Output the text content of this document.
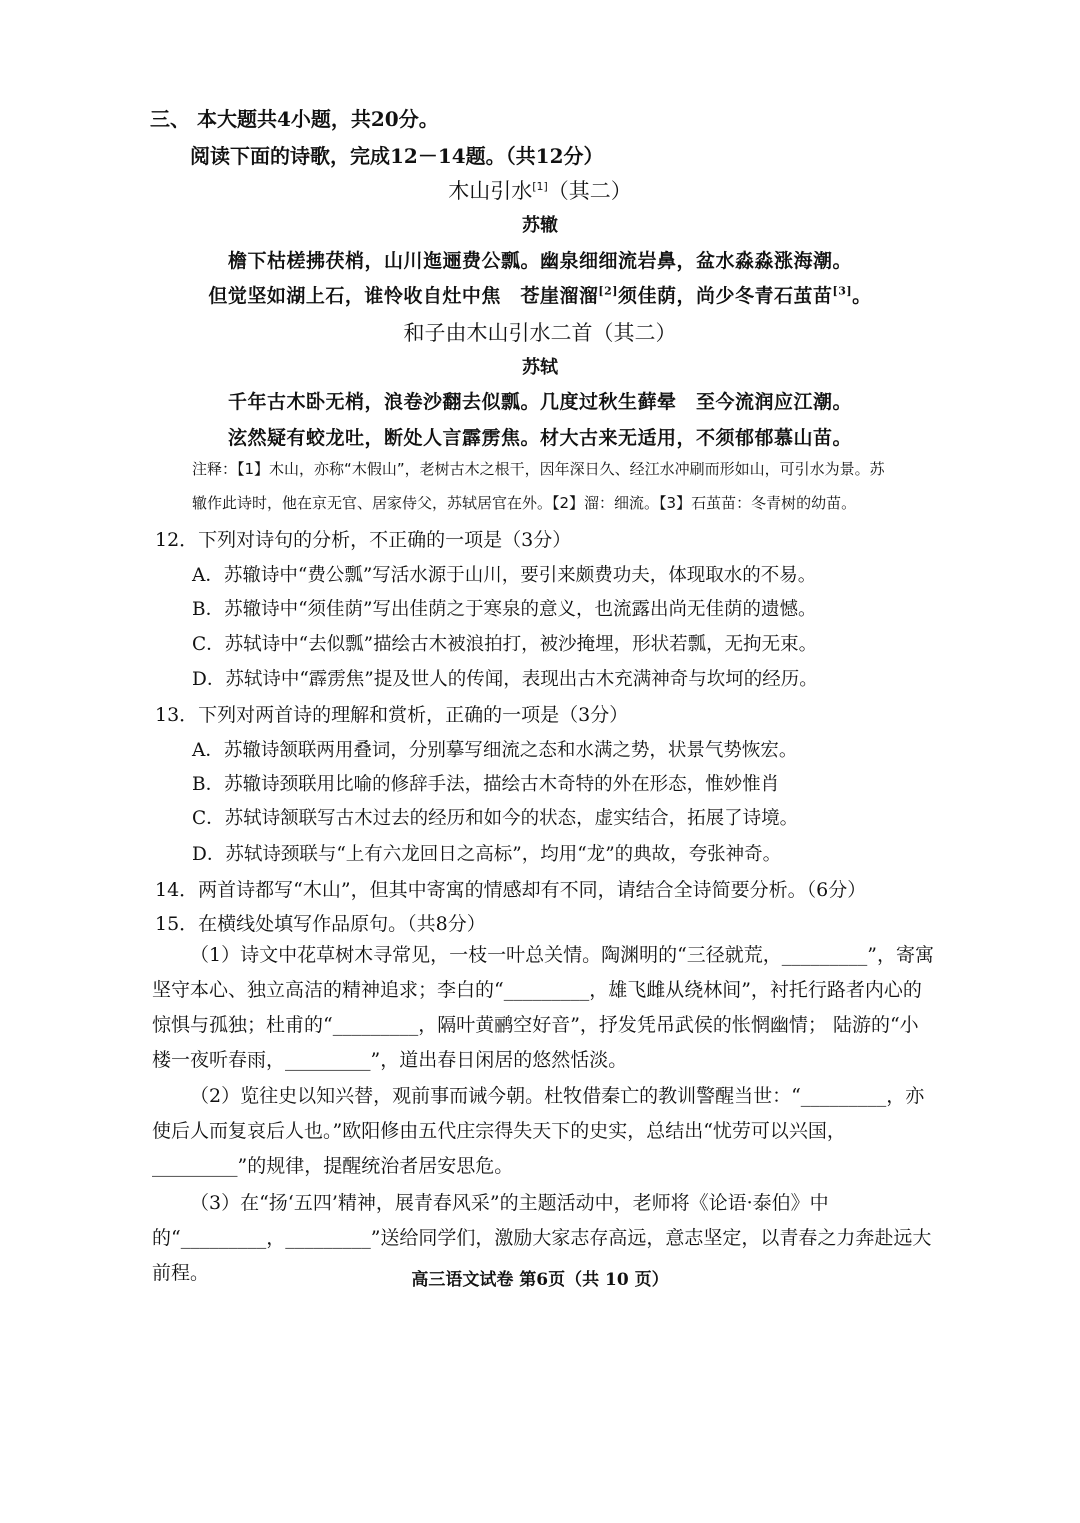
三、 本大题共4小题，共20分。
阅读下面的诗歌，完成12－14题。（共12分）
木山引水[1]（其二）
苏辙
檐下枯槎拂茯梢，山川迤逦费公瓢。幽泉细细流岩鼻，盆水淼淼涨海潮。
但觉坚如湖上石，谁怜收自灶中焦　苍崖溜溜[2]须佳荫，尚少冬青石茧苗[3]。
和子由木山引水二首（其二）
苏轼
千年古木卧无梢，浪卷沙翻去似瓢。几度过秋生藓晕　至今流润应江潮。
泫然疑有蛟龙吐，断处人言霹雳焦。材大古来无适用，不须郁郁慕山苗。
注释：【1】木山，亦称“木假山”，老树古木之根干，因年深日久、经江水冲刷而形如山，可引水为景。苏
辙作此诗时，他在京无官、居家侍父，苏轼居官在外。【2】溜：细流。【3】石茧苗：冬青树的幼苗。
12．下列对诗句的分析，不正确的一项是（3分）
A．苏辙诗中“费公瓢”写活水源于山川，要引来颇费功夫，体现取水的不易。
B．苏辙诗中“须佳荫”写出佳荫之于寒泉的意义，也流露出尚无佳荫的遗憾。
C．苏轼诗中“去似瓢”描绘古木被浪拍打，被沙掩埋，形状若瓢，无拘无束。
D．苏轼诗中“霹雳焦”提及世人的传闻，表现出古木充满神奇与坎坷的经历。
13．下列对两首诗的理解和赏析，正确的一项是（3分）
A．苏辙诗颔联两用叠词，分别摹写细流之态和水满之势，状景气势恢宏。
B．苏辙诗颈联用比喻的修辞手法，描绘古木奇特的外在形态，惟妙惟肖
C．苏轼诗颔联写古木过去的经历和如今的状态，虚实结合，拓展了诗境。
D．苏轼诗颈联与“上有六龙回日之高标”，均用“龙”的典故，夸张神奇。
14．两首诗都写“木山”，但其中寄寓的情感却有不同，请结合全诗简要分析。（6分）
15．在横线处填写作品原句。（共8分）
（1）诗文中花草树木寻常见，一枝一叶总关情。陶渊明的“三径就荒，_________”，寄寓坚守本心、独立高洁的精神追求；李白的“_________，雄飞雌从绕林间”，衬托行路者内心的惊惧与孤独；杜甫的“_________，隔叶黄鹂空好音”，抒发凭吊武侯的怅惘幽情； 陆游的“小楼一夜听春雨，_________”，道出春日闲居的悠然恬淡。
（2）览往史以知兴替，观前事而诫今朝。杜牧借秦亡的教训警醒当世：“_________，亦使后人而复哀后人也。”欧阳修由五代庄宗得失天下的史实，总结出“忧劳可以兴国，_________”的规律，提醒统治者居安思危。
（3）在“扬‘五四’精神，展青春风采”的主题活动中，老师将《论语·泰伯》中的“_________，_________”送给同学们，激励大家志存高远，意志坚定，以青春之力奔赴远大前程。	高三语文试卷 第6页（共 10 页）
